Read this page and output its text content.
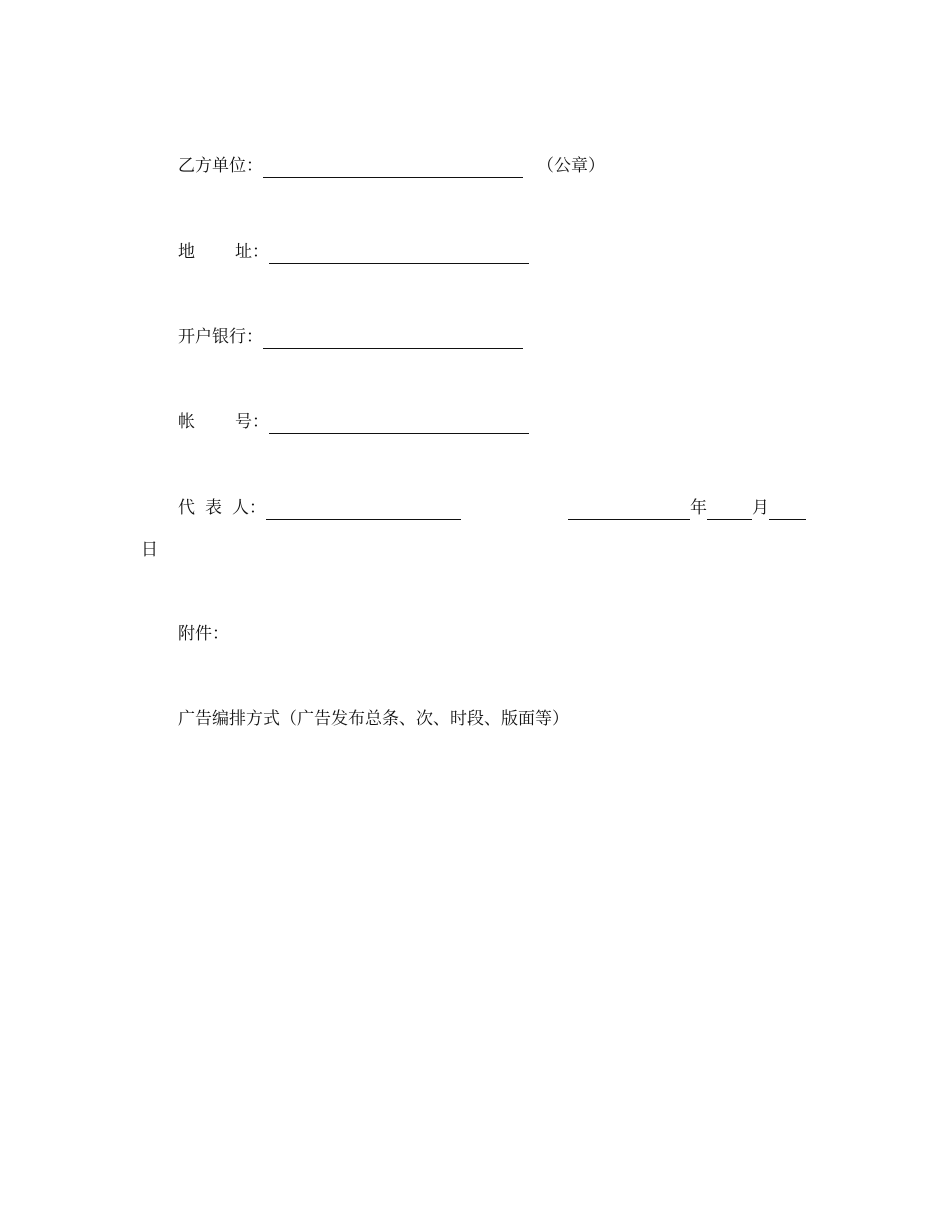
乙方单位：	（公章）
地 址：
开户银行：
帐 号：
代 表 人：	年	月
日
附件：
广告编排方式（广告发布总条、次、时段、版面等）
